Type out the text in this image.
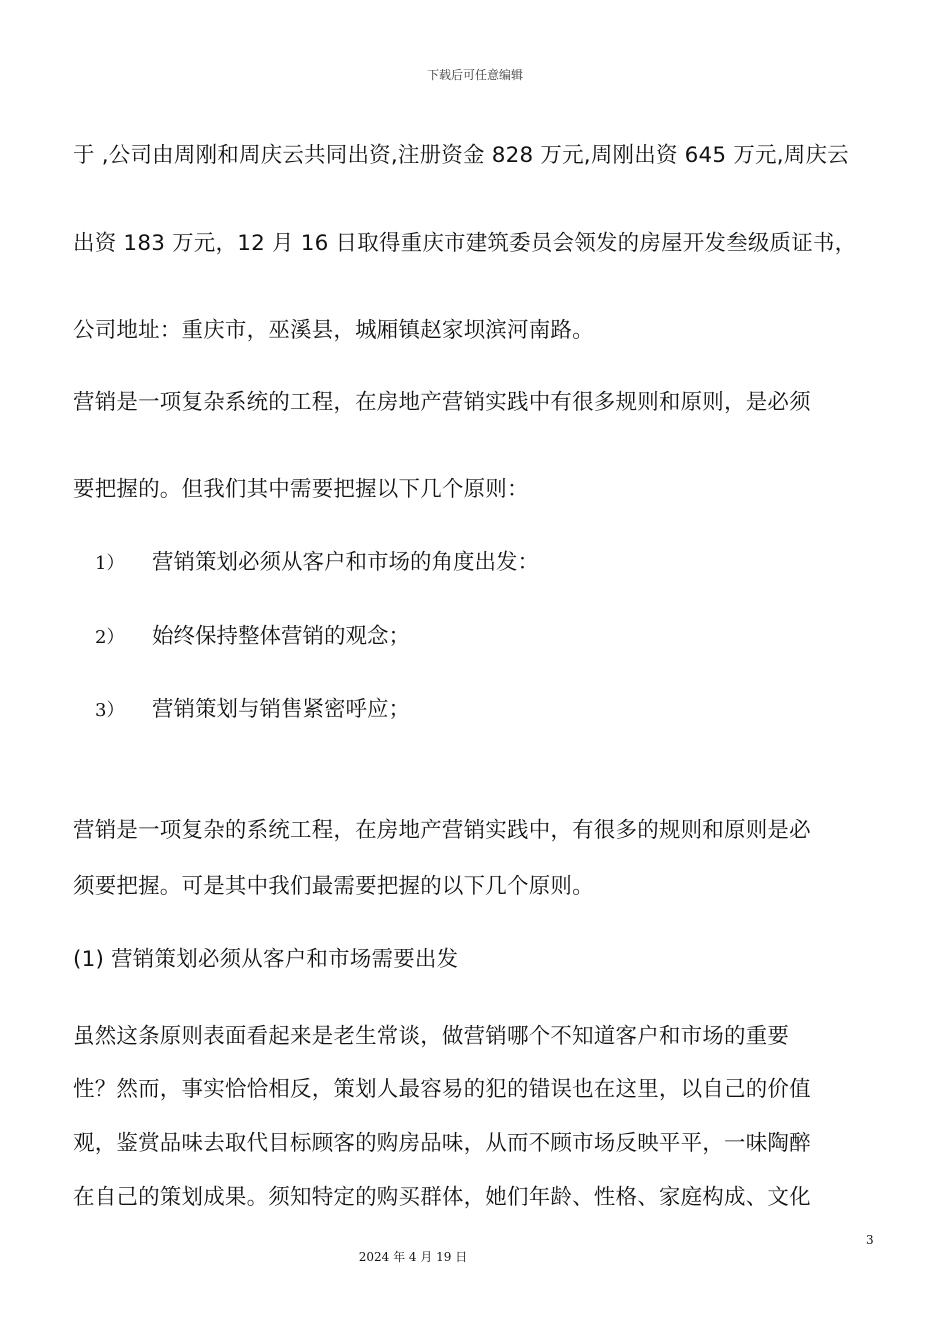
下载后可任意编辑
于 ,公司由周刚和周庆云共同出资,注册资金 828 万元,周刚出资 645 万元,周庆云
出资 183 万元，12 月 16 日取得重庆市建筑委员会领发的房屋开发叁级质证书，
公司地址：重庆市，巫溪县，城厢镇赵家坝滨河南路。
营销是一项复杂系统的工程，在房地产营销实践中有很多规则和原则，是必须
要把握的。但我们其中需要把握以下几个原则：
1） 营销策划必须从客户和市场的角度出发：
2） 始终保持整体营销的观念；
3） 营销策划与销售紧密呼应；
营销是一项复杂的系统工程，在房地产营销实践中，有很多的规则和原则是必
须要把握。可是其中我们最需要把握的以下几个原则。
(1) 营销策划必须从客户和市场需要出发
虽然这条原则表面看起来是老生常谈，做营销哪个不知道客户和市场的重要
性？然而，事实恰恰相反，策划人最容易的犯的错误也在这里，以自己的价值
观，鉴赏品味去取代目标顾客的购房品味，从而不顾市场反映平平，一味陶醉
在自己的策划成果。须知特定的购买群体，她们年龄、性格、家庭构成、文化
3
2024 年 4 月 19 日
